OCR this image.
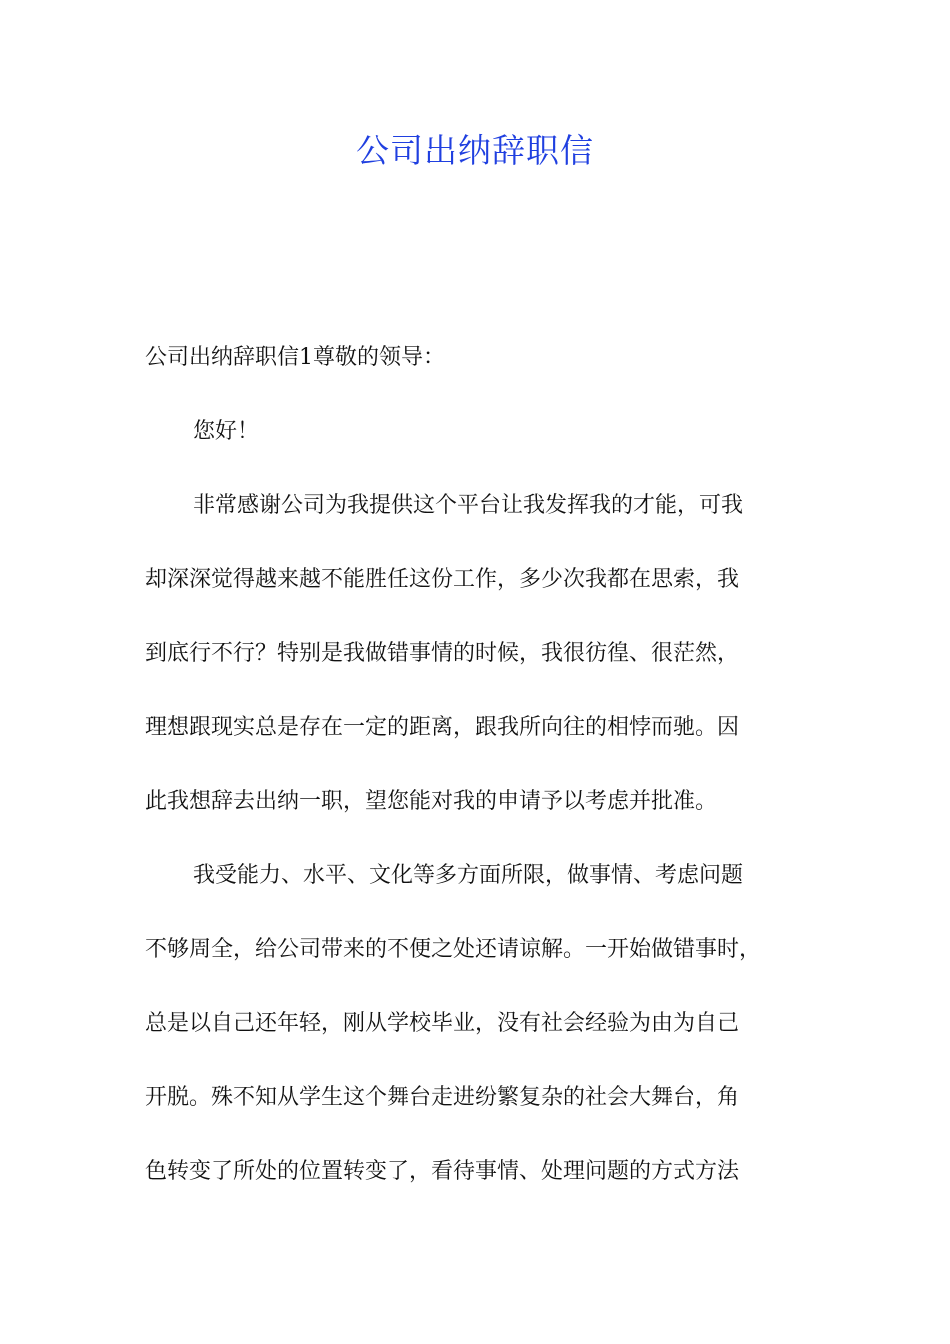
公司出纳辞职信
公司出纳辞职信1尊敬的领导：
您好！
非常感谢公司为我提供这个平台让我发挥我的才能，可我
却深深觉得越来越不能胜任这份工作，多少次我都在思索，我
到底行不行？特别是我做错事情的时候，我很彷徨、很茫然，
理想跟现实总是存在一定的距离，跟我所向往的相悖而驰。因
此我想辞去出纳一职，望您能对我的申请予以考虑并批准。
我受能力、水平、文化等多方面所限，做事情、考虑问题
不够周全，给公司带来的不便之处还请谅解。一开始做错事时，
总是以自己还年轻，刚从学校毕业，没有社会经验为由为自己
开脱。殊不知从学生这个舞台走进纷繁复杂的社会大舞台，角
色转变了所处的位置转变了，看待事情、处理问题的方式方法
